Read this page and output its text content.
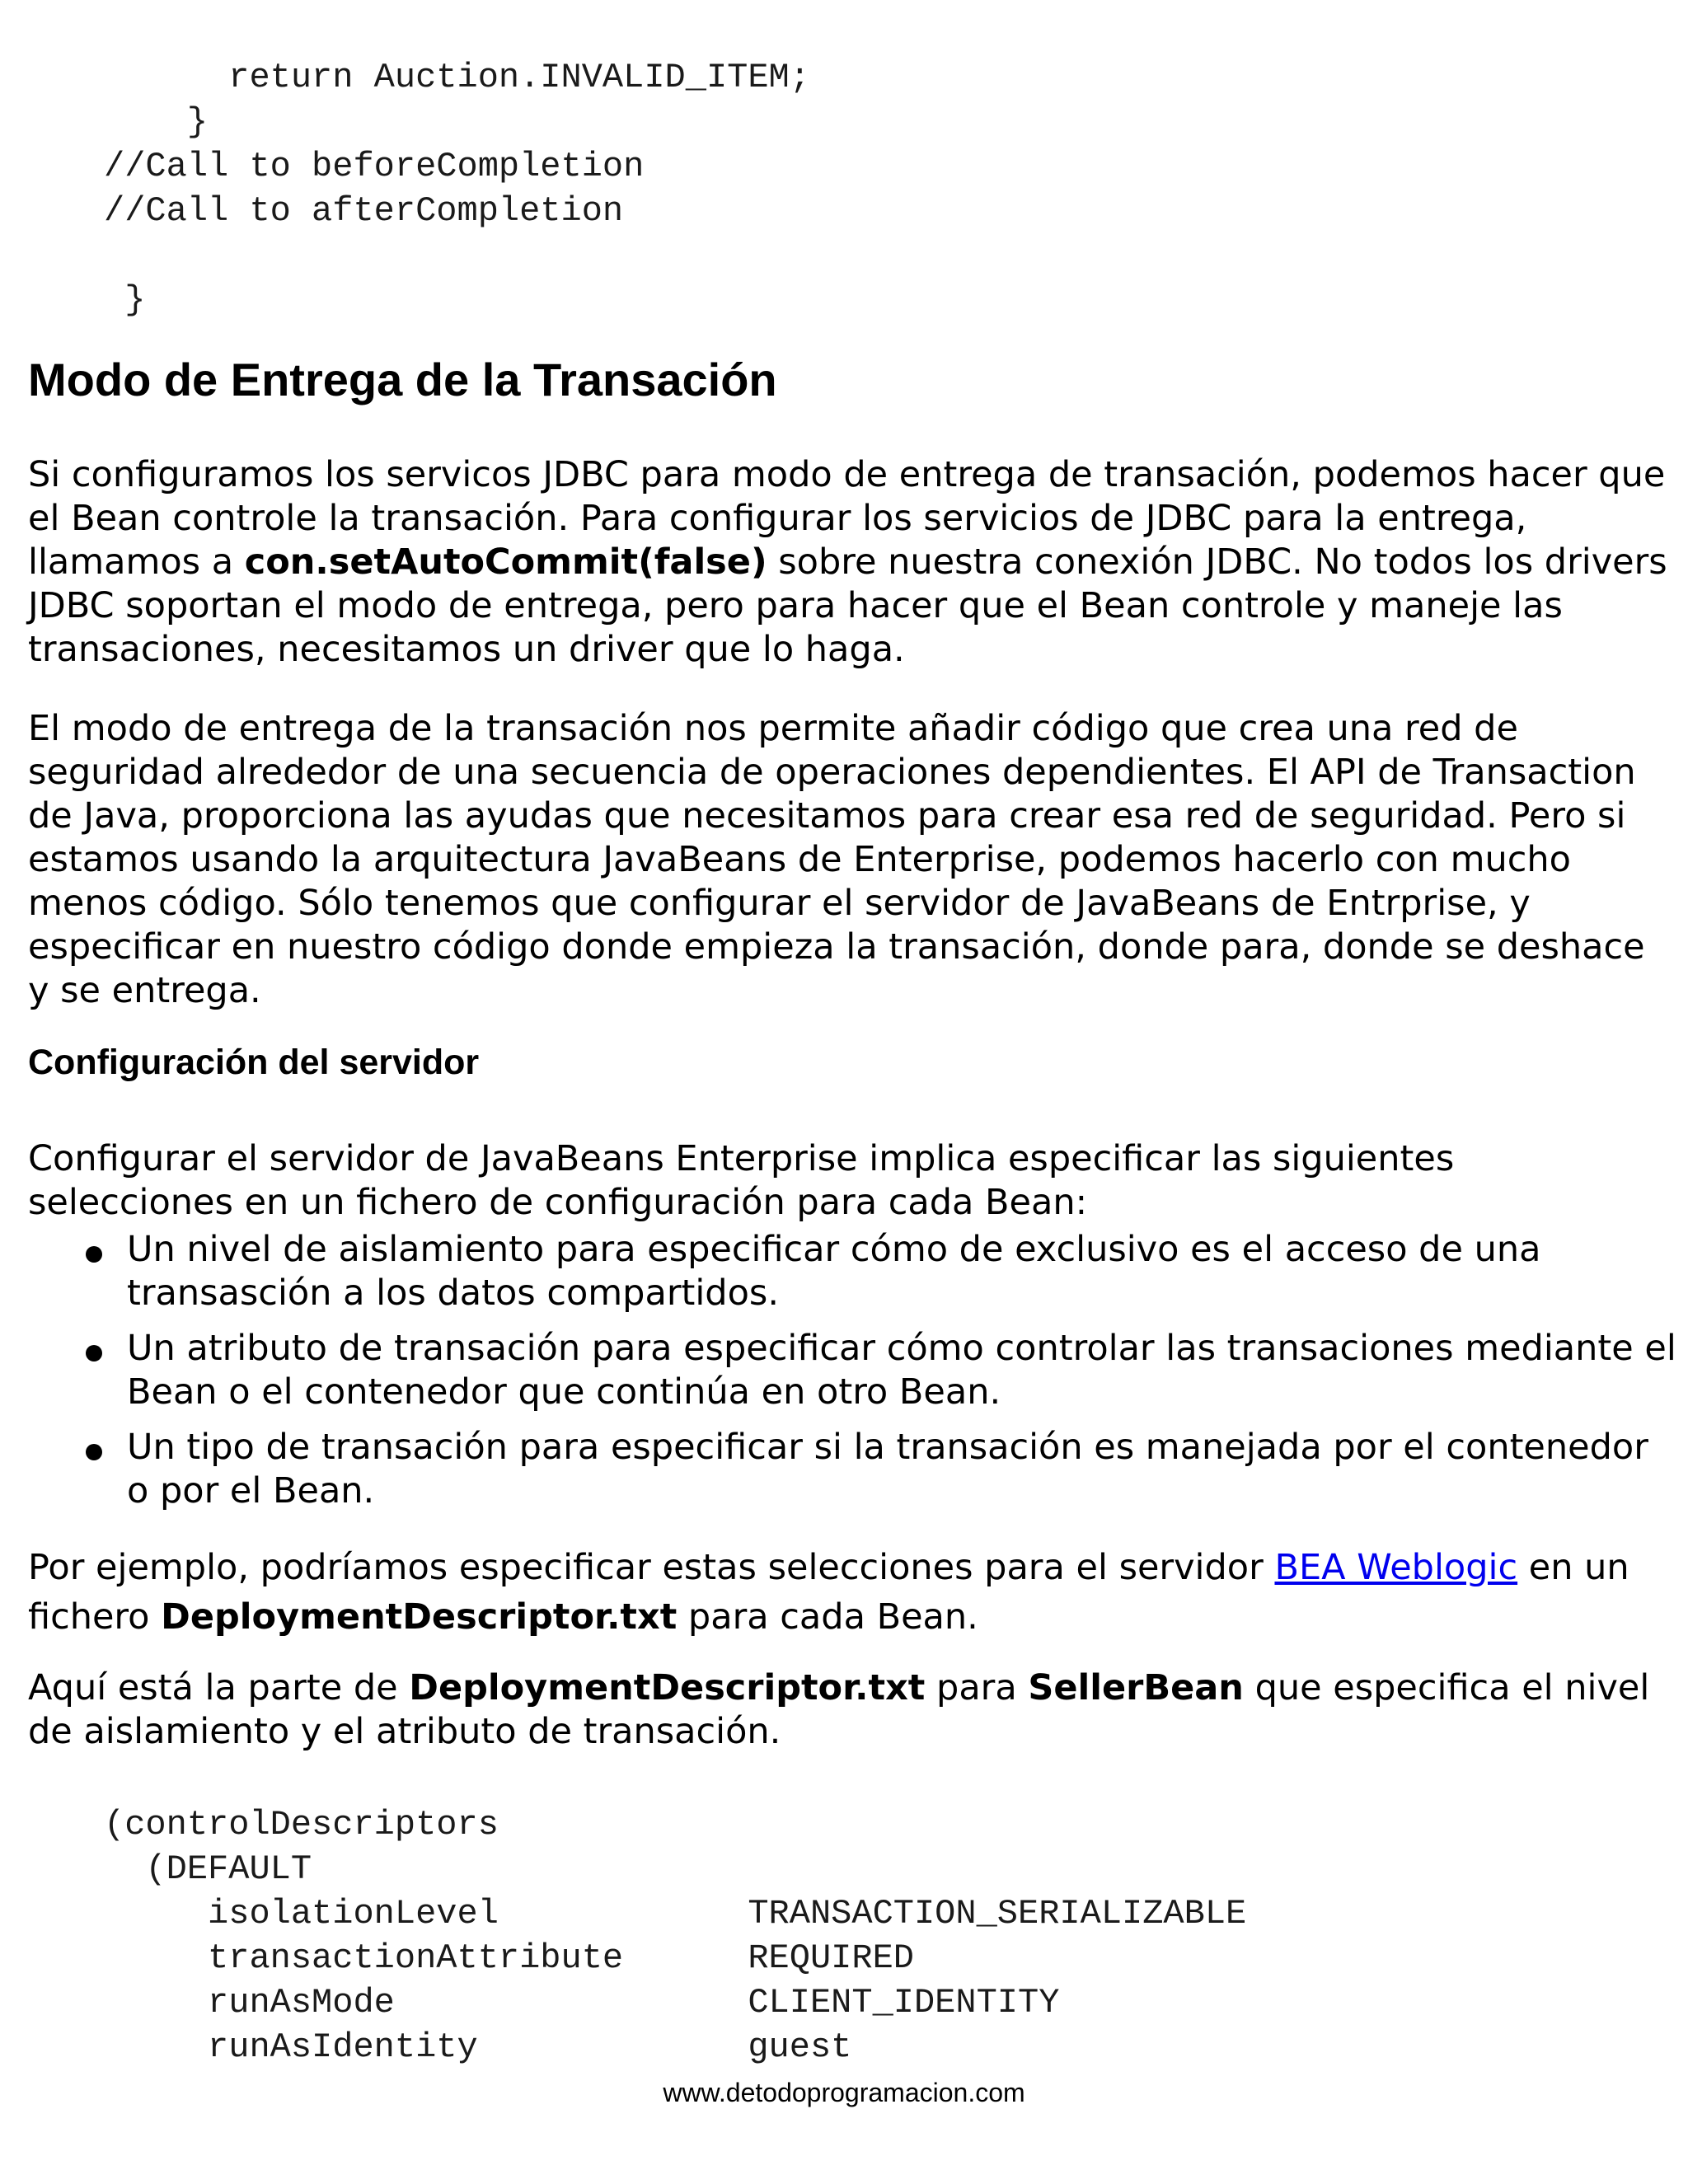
return Auction.INVALID_ITEM;

}

//Call to beforeCompletion

//Call to afterCompletion

}

Modo de Entrega de la Transación

Si configuramos los servicos JDBC para modo de entrega de transación, podemos hacer que el Bean controle la transación. Para configurar los servicios de JDBC para la entrega, llamamos a con.setAutoCommit(false) sobre nuestra conexión JDBC. No todos los drivers JDBC soportan el modo de entrega, pero para hacer que el Bean controle y maneje las transaciones, necesitamos un driver que lo haga.

El modo de entrega de la transación nos permite añadir código que crea una red de seguridad alrededor de una secuencia de operaciones dependientes. El API de Transaction de Java, proporciona las ayudas que necesitamos para crear esa red de seguridad. Pero si estamos usando la arquitectura JavaBeans de Enterprise, podemos hacerlo con mucho menos código. Sólo tenemos que configurar el servidor de JavaBeans de Entrprise, y especificar en nuestro código donde empieza la transación, donde para, donde se deshace y se entrega.

Configuración del servidor

Configurar el servidor de JavaBeans Enterprise implica especificar las siguientes selecciones en un fichero de configuración para cada Bean:

Un nivel de aislamiento para especificar cómo de exclusivo es el acceso de una transasción a los datos compartidos.

Un atributo de transación para especificar cómo controlar las transaciones mediante el Bean o el contenedor que continúa en otro Bean.

Un tipo de transación para especificar si la transación es manejada por el contenedor o por el Bean.

Por ejemplo, podríamos especificar estas selecciones para el servidor BEA Weblogic en un fichero DeploymentDescriptor.txt para cada Bean.

Aquí está la parte de DeploymentDescriptor.txt para SellerBean que especifica el nivel de aislamiento y el atributo de transación.

(controlDescriptors

(DEFAULT

isolationLevel            TRANSACTION_SERIALIZABLE

transactionAttribute      REQUIRED

runAsMode                 CLIENT_IDENTITY

runAsIdentity             guest

www.detodoprogramacion.com
